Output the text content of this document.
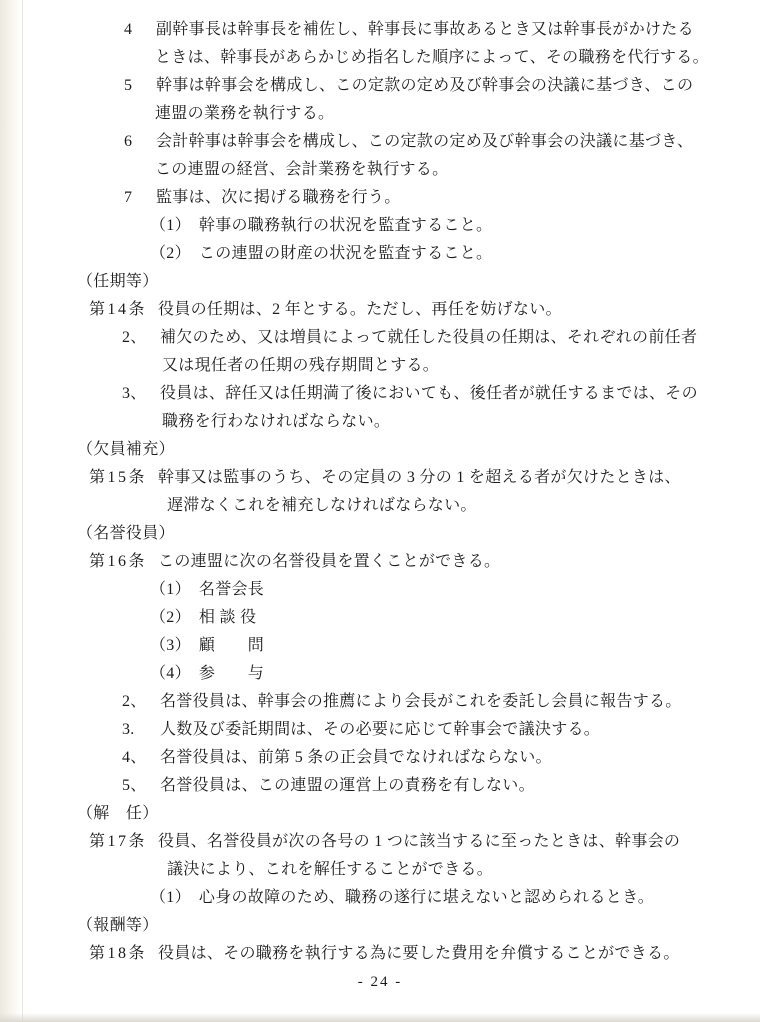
4 副幹事長は幹事長を補佐し、幹事長に事故あるとき又は幹事長がかけたる
ときは、幹事長があらかじめ指名した順序によって、その職務を代行する。
5 幹事は幹事会を構成し、この定款の定め及び幹事会の決議に基づき、この
連盟の業務を執行する。
6 会計幹事は幹事会を構成し、この定款の定め及び幹事会の決議に基づき、
この連盟の経営、会計業務を執行する。
7 監事は、次に掲げる職務を行う。
（1） 幹事の職務執行の状況を監査すること。
（2） この連盟の財産の状況を監査すること。
（任期等）
第14条 役員の任期は、2 年とする。ただし、再任を妨げない。
2、 補欠のため、又は増員によって就任した役員の任期は、それぞれの前任者
又は現任者の任期の残存期間とする。
3、 役員は、辞任又は任期満了後においても、後任者が就任するまでは、その
職務を行わなければならない。
（欠員補充）
第15条 幹事又は監事のうち、その定員の 3 分の 1 を超える者が欠けたときは、
遅滞なくこれを補充しなければならない。
（名誉役員）
第16条 この連盟に次の名誉役員を置くことができる。
（1） 名誉会長
（2） 相 談 役
（3） 顧　　問
（4） 参　　与
2、 名誉役員は、幹事会の推薦により会長がこれを委託し会員に報告する。
3. 人数及び委託期間は、その必要に応じて幹事会で議決する。
4、 名誉役員は、前第 5 条の正会員でなければならない。
5、 名誉役員は、この連盟の運営上の責務を有しない。
（解　任）
第17条 役員、名誉役員が次の各号の 1 つに該当するに至ったときは、幹事会の
議決により、これを解任することができる。
（1） 心身の故障のため、職務の遂行に堪えないと認められるとき。
（報酬等）
第18条 役員は、その職務を執行する為に要した費用を弁償することができる。
- 24 -
